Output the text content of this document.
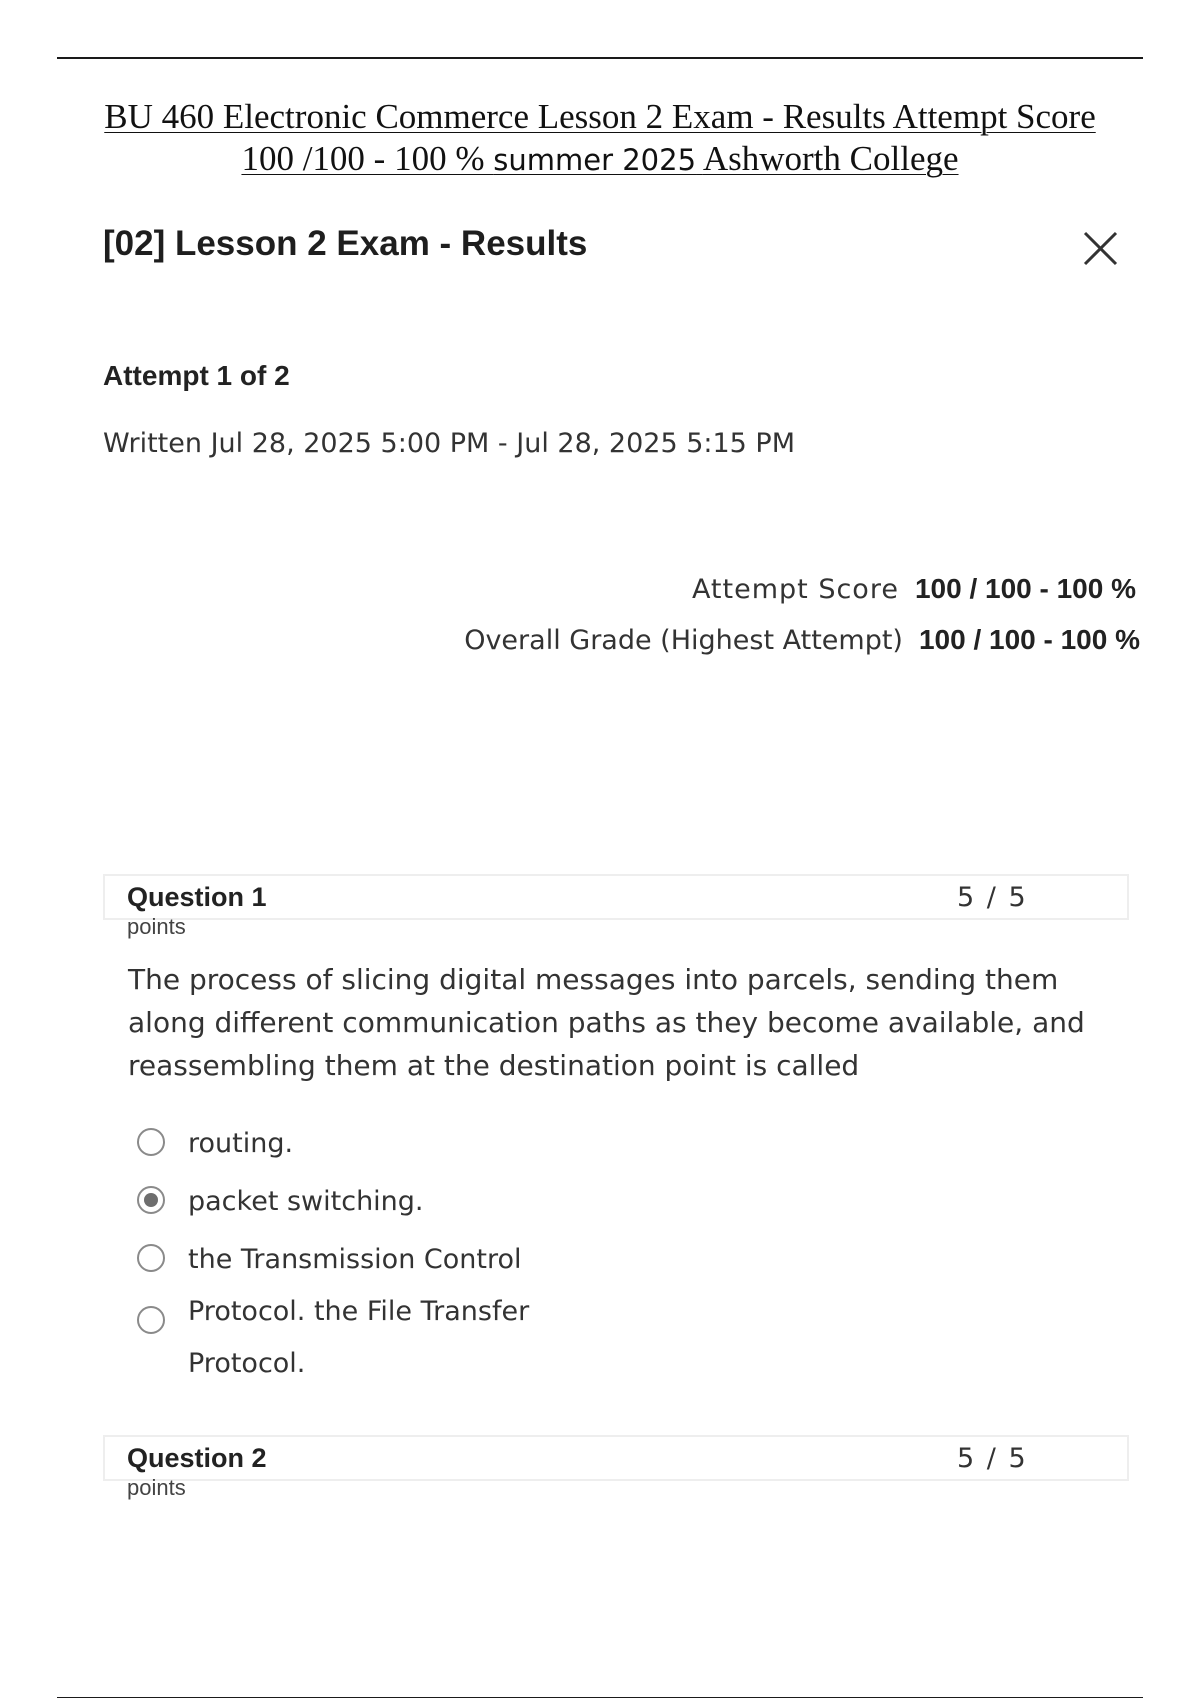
BU 460 Electronic Commerce Lesson 2 Exam - Results Attempt Score
100 /100 - 100 % summer 2025 Ashworth College
[02] Lesson 2 Exam - Results
Attempt 1 of 2
Written Jul 28, 2025 5:00 PM - Jul 28, 2025 5:15 PM
Attempt Score 100 / 100 - 100 %
Overall Grade (Highest Attempt) 100 / 100 - 100 %
Question 1
points
5 / 5
The process of slicing digital messages into parcels, sending them along different communication paths as they become available, and reassembling them at the destination point is called
routing.
packet switching.
the Transmission Control
Protocol. the File Transfer
Protocol.
Question 2
points
5 / 5
